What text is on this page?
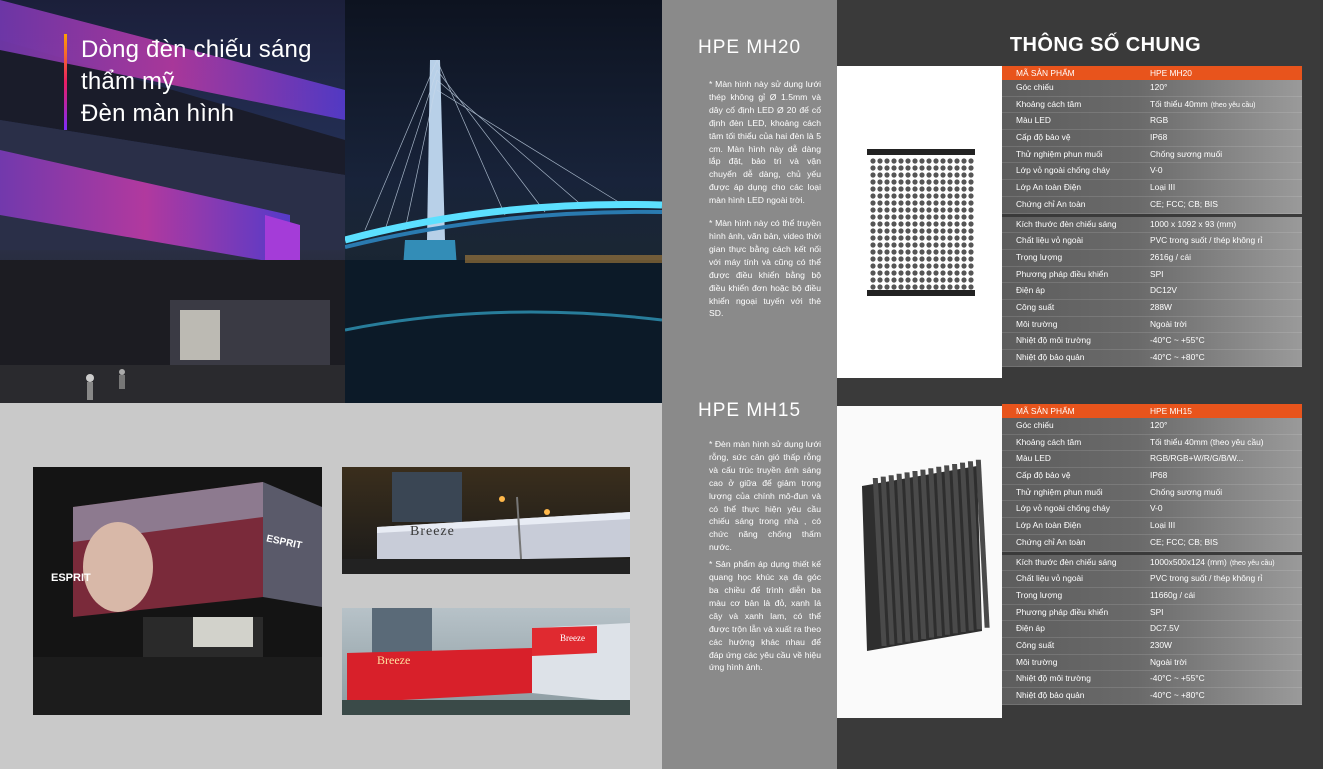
Dòng đèn chiếu sáng thẩm mỹ
Đèn màn hình
ESPRIT
ESPRIT
Breeze
Breeze
Breeze
HPE MH20

* Màn hình này sử dụng lưới thép không gỉ Ø 1.5mm và dây cố định LED Ø 20 để cố định đèn LED, khoảng cách tâm tối thiểu của hai đèn là 5 cm. Màn hình này dễ dàng lắp đặt, bảo trì và vận chuyển dễ dàng, chủ yếu được áp dụng cho các loại màn hình LED ngoài trời.

* Màn hình này có thể truyền hình ảnh, văn bản, video thời gian thực bằng cách kết nối với máy tính và cũng có thể được điều khiển bằng bộ điều khiển đơn hoặc bộ điều khiển ngoại tuyến với thẻ SD.

HPE MH15

* Đèn màn hình sử dụng lưới rỗng, sức cản gió thấp rỗng và cấu trúc truyền ánh sáng cao ở giữa để giảm trọng lượng của chính mô-đun và có thể thực hiện yêu cầu chiếu sáng trong nhà , có chức năng chống thấm nước.

* Sản phẩm áp dụng thiết kế quang học khúc xạ đa góc ba chiều để trình diễn ba màu cơ bản là đỏ, xanh lá cây và xanh lam, có thể được trộn lẫn và xuất ra theo các hướng khác nhau để đáp ứng các yêu cầu về hiệu ứng hình ảnh.

THÔNG SỐ CHUNG
MÃ SẢN PHẨM	HPE MH20
Góc chiếu	120°
Khoảng cách tâm	Tối thiểu 40mm (theo yêu cầu)
Màu LED	RGB
Cấp độ bảo vệ	IP68
Thử nghiệm phun muối	Chống sương muối
Lớp vỏ ngoài chống cháy	V-0
Lớp An toàn Điện	Loại III
Chứng chỉ An toàn	CE; FCC; CB; BIS
Kích thước đèn chiếu sáng	1000 x 1092 x 93 (mm)
Chất liệu vỏ ngoài	PVC trong suốt / thép không rỉ
Trọng lượng	2616g / cái
Phương pháp điều khiển	SPI
Điện áp	DC12V
Công suất	288W
Môi trường	Ngoài trời
Nhiệt độ môi trường	-40°C ~ +55°C
Nhiệt độ bảo quản	-40°C ~ +80°C
MÃ SẢN PHẨM	HPE MH15
Góc chiếu	120°
Khoảng cách tâm	Tối thiểu 40mm (theo yêu cầu)
Màu LED	RGB/RGB+W/R/G/B/W...
Cấp độ bảo vệ	IP68
Thử nghiệm phun muối	Chống sương muối
Lớp vỏ ngoài chống cháy	V-0
Lớp An toàn Điện	Loại III
Chứng chỉ An toàn	CE; FCC; CB; BIS
Kích thước đèn chiếu sáng	1000x500x124 (mm) (theo yêu cầu)
Chất liệu vỏ ngoài	PVC trong suốt / thép không rỉ
Trọng lượng	11660g / cái
Phương pháp điều khiển	SPI
Điện áp	DC7.5V
Công suất	230W
Môi trường	Ngoài trời
Nhiệt độ môi trường	-40°C ~ +55°C
Nhiệt độ bảo quản	-40°C ~ +80°C
